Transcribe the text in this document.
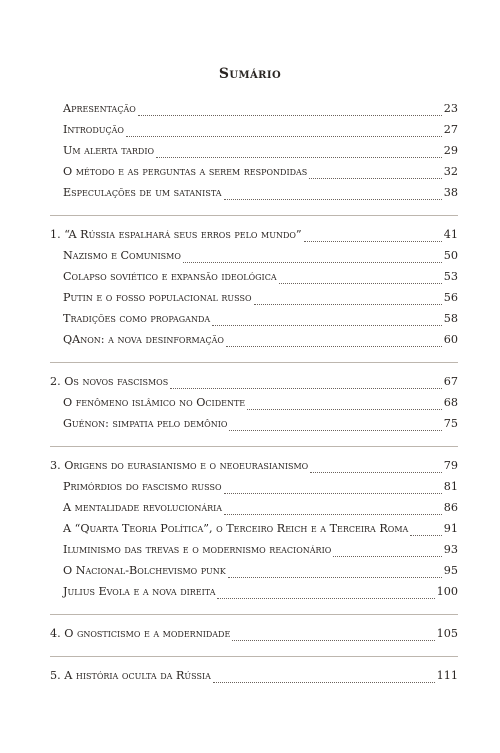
Sumário
Apresentação	23
Introdução	27
Um alerta tardio	29
O método e as perguntas a serem respondidas	32
Especulações de um satanista	38
1. “A Rússia espalhará seus erros pelo mundo”	41
Nazismo e Comunismo	50
Colapso soviético e expansão ideológica	53
Putin e o fosso populacional russo	56
Tradições como propaganda	58
QAnon: a nova desinformação	60
2. Os novos fascismos	67
O fenômeno islâmico no Ocidente	68
Guénon: simpatia pelo demônio	75
3. Origens do eurasianismo e o neoeurasianismo	79
Primórdios do fascismo russo	81
A mentalidade revolucionária	86
A “Quarta Teoria Política”, o Terceiro Reich e a Terceira Roma	91
Iluminismo das trevas e o modernismo reacionário	93
O Nacional-Bolchevismo punk	95
Julius Evola e a nova direita	100
4. O gnosticismo e a modernidade	105
5. A história oculta da Rússia	111
